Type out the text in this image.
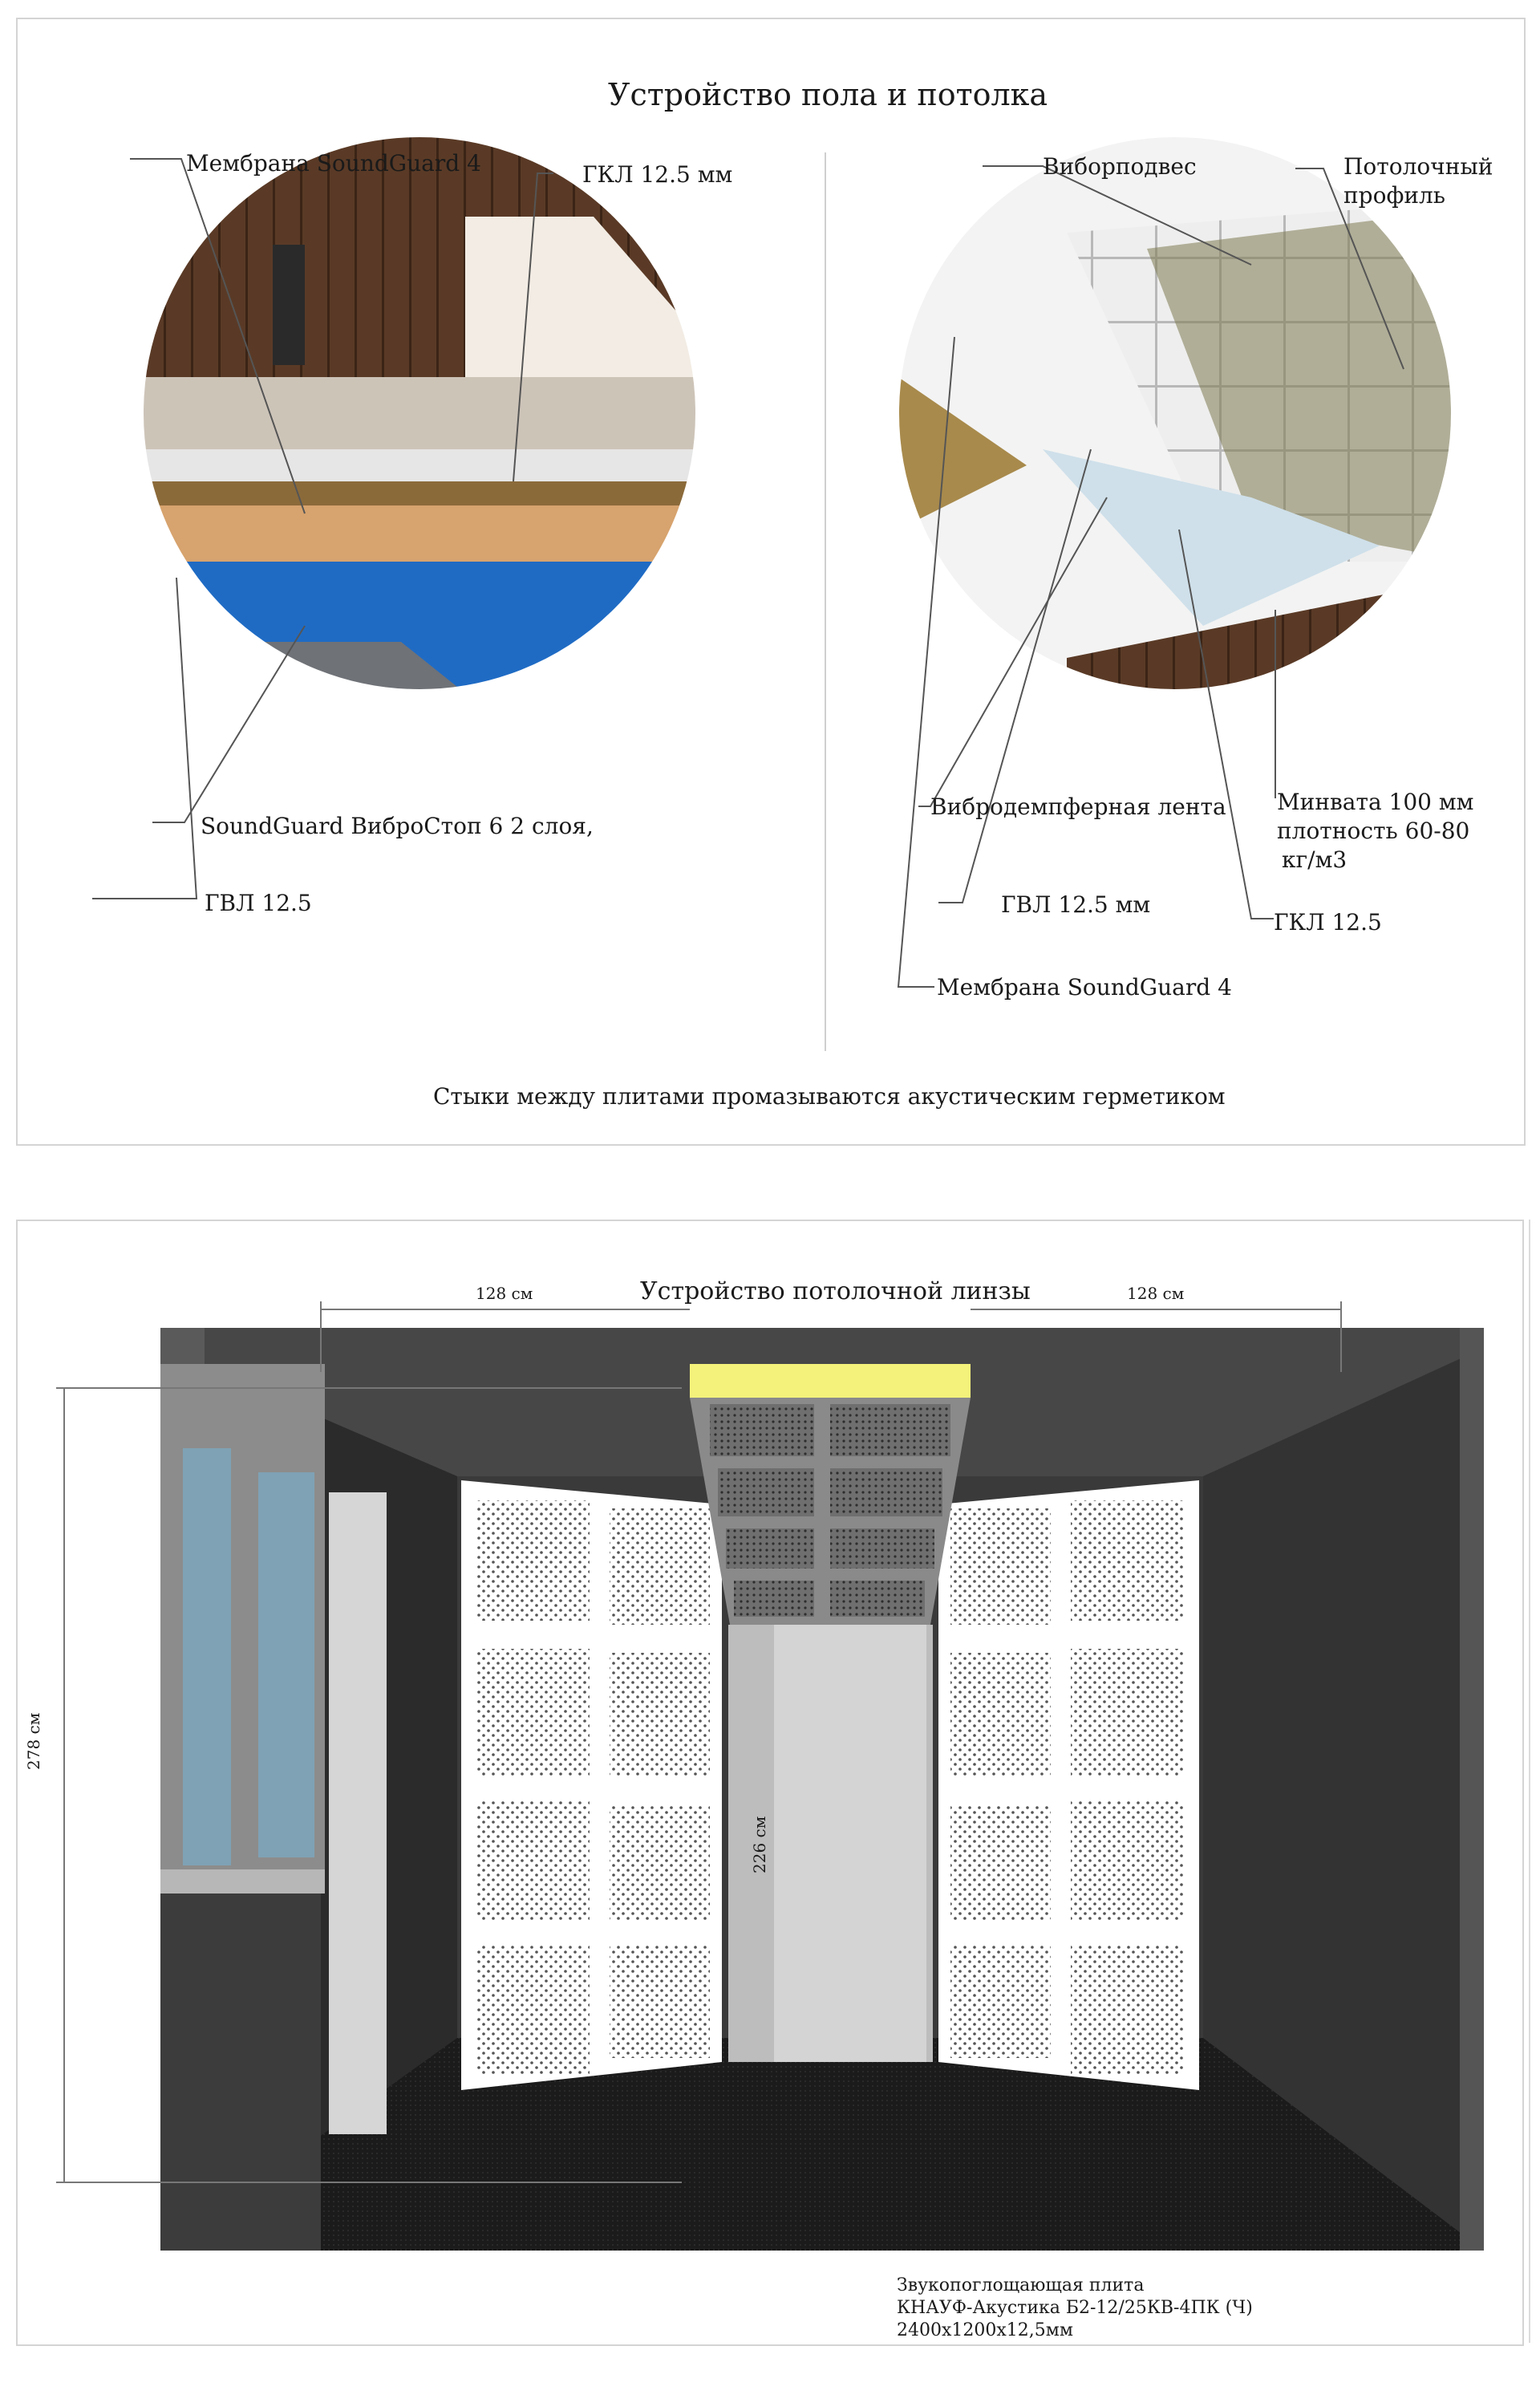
Устройство пола и потолка
Мембрана SoundGuard 4	ГКЛ 12.5 мм
SoundGuard ВиброСтоп 6 2 слоя,
ГВЛ 12.5
Виборподвес	Потолочный
профиль
Вибродемпферная лента Минвата 100 мм
плотность 60-80
кг/м3
ГВЛ 12.5 мм
ГКЛ 12.5
Мембрана SoundGuard 4
Стыки между плитами промазываются акустическим герметиком
Устройство потолочной линзы
128 см	128 см
278 см
226 см
Звукопоглощающая плита
КНАУФ-Акустика Б2-12/25КВ-4ПК (Ч)
2400х1200х12,5мм
